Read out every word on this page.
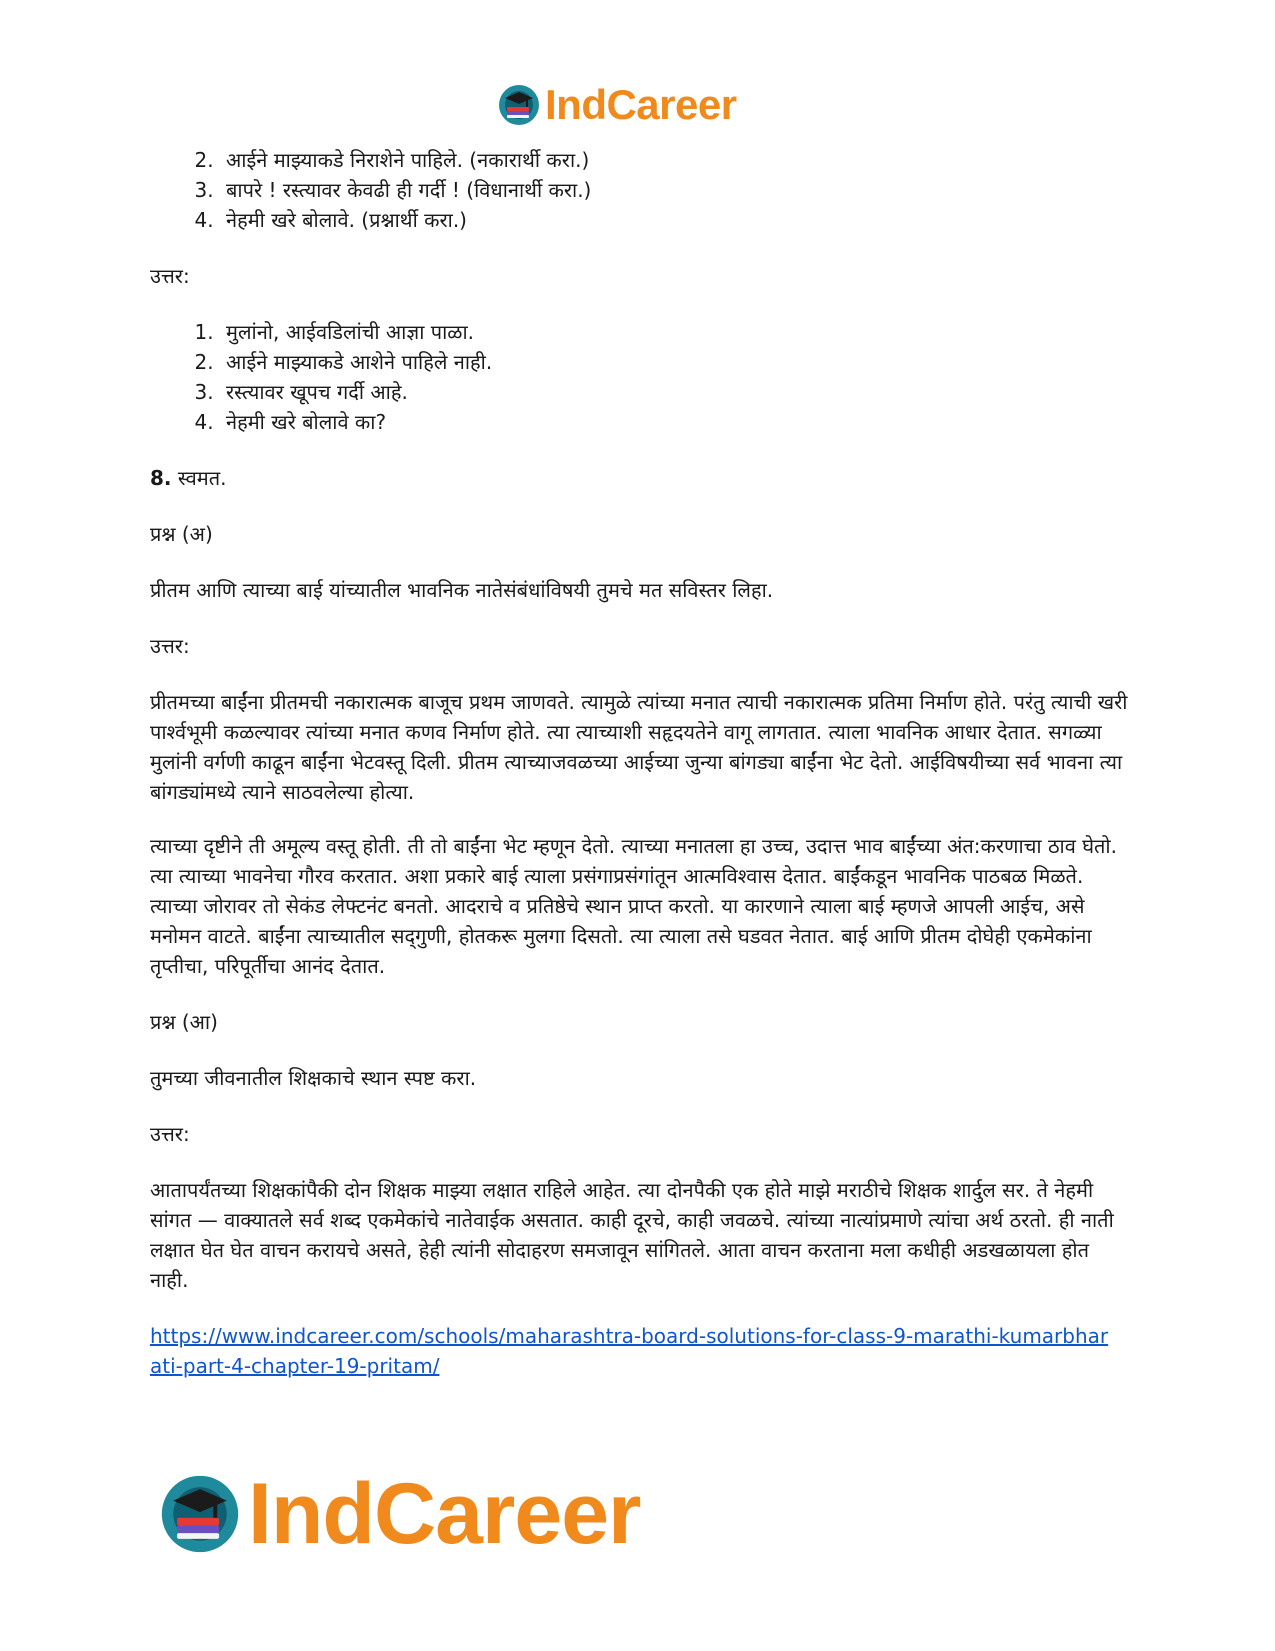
IndCareer
2. आईने माझ्याकडे निराशेने पाहिले. (नकारार्थी करा.)
3. बापरे ! रस्त्यावर केवढी ही गर्दी ! (विधानार्थी करा.)
4. नेहमी खरे बोलावे. (प्रश्नार्थी करा.)

उत्तर:

1. मुलांनो, आईवडिलांची आज्ञा पाळा.
2. आईने माझ्याकडे आशेने पाहिले नाही.
3. रस्त्यावर खूपच गर्दी आहे.
4. नेहमी खरे बोलावे का?

8. स्वमत.

प्रश्न (अ)

प्रीतम आणि त्याच्या बाई यांच्यातील भावनिक नातेसंबंधांविषयी तुमचे मत सविस्तर लिहा.

उत्तर:

प्रीतमच्या बाईंना प्रीतमची नकारात्मक बाजूच प्रथम जाणवते. त्यामुळे त्यांच्या मनात त्याची नकारात्मक प्रतिमा निर्माण होते. परंतु त्याची खरी पार्श्वभूमी कळल्यावर त्यांच्या मनात कणव निर्माण होते. त्या त्याच्याशी सहृदयतेने वागू लागतात. त्याला भावनिक आधार देतात. सगळ्या मुलांनी वर्गणी काढून बाईंना भेटवस्तू दिली. प्रीतम त्याच्याजवळच्या आईच्या जुन्या बांगड्या बाईंना भेट देतो. आईविषयीच्या सर्व भावना त्या बांगड्यांमध्ये त्याने साठवलेल्या होत्या.

त्याच्या दृष्टीने ती अमूल्य वस्तू होती. ती तो बाईंना भेट म्हणून देतो. त्याच्या मनातला हा उच्च, उदात्त भाव बाईंच्या अंत:करणाचा ठाव घेतो. त्या त्याच्या भावनेचा गौरव करतात. अशा प्रकारे बाई त्याला प्रसंगाप्रसंगांतून आत्मविश्वास देतात. बाईंकडून भावनिक पाठबळ मिळते. त्याच्या जोरावर तो सेकंड लेफ्टनंट बनतो. आदराचे व प्रतिष्ठेचे स्थान प्राप्त करतो. या कारणाने त्याला बाई म्हणजे आपली आईच, असे मनोमन वाटते. बाईंना त्याच्यातील सद्‌गुणी, होतकरू मुलगा दिसतो. त्या त्याला तसे घडवत नेतात. बाई आणि प्रीतम दोघेही एकमेकांना तृप्तीचा, परिपूर्तीचा आनंद देतात.

प्रश्न (आ)

तुमच्या जीवनातील शिक्षकाचे स्थान स्पष्ट करा.

उत्तर:

आतापर्यंतच्या शिक्षकांपैकी दोन शिक्षक माझ्या लक्षात राहिले आहेत. त्या दोनपैकी एक होते माझे मराठीचे शिक्षक शार्दुल सर. ते नेहमी सांगत — वाक्यातले सर्व शब्द एकमेकांचे नातेवाईक असतात. काही दूरचे, काही जवळचे. त्यांच्या नात्यांप्रमाणे त्यांचा अर्थ ठरतो. ही नाती लक्षात घेत घेत वाचन करायचे असते, हेही त्यांनी सोदाहरण समजावून सांगितले. आता वाचन करताना मला कधीही अडखळायला होत नाही.

https://www.indcareer.com/schools/maharashtra-board-solutions-for-class-9-marathi-kumarbharati-part-4-chapter-19-pritam/
IndCareer
